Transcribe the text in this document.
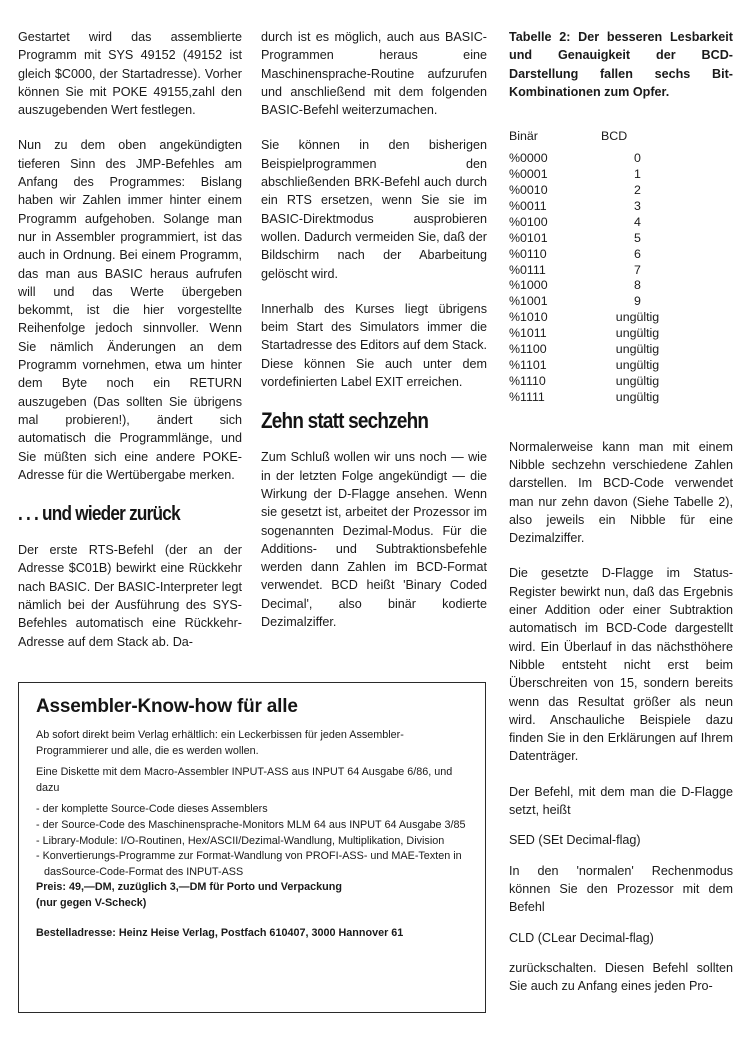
Gestartet wird das assemblierte Programm mit SYS 49152 (49152 ist gleich $C000, der Startadresse). Vorher können Sie mit POKE 49155,zahl den auszugebenden Wert festlegen.

Nun zu dem oben angekündigten tieferen Sinn des JMP-Befehles am Anfang des Programmes: Bislang haben wir Zahlen immer hinter einem Programm aufgehoben. Solange man nur in Assembler programmiert, ist das auch in Ordnung. Bei einem Programm, das man aus BASIC heraus aufrufen will und das Werte übergeben bekommt, ist die hier vorgestellte Reihenfolge jedoch sinnvoller. Wenn Sie nämlich Änderungen an dem Programm vornehmen, etwa um hinter dem Byte noch ein RETURN auszugeben (Das sollten Sie übrigens mal probieren!), ändert sich automatisch die Programmlänge, und Sie müßten sich eine andere POKE-Adresse für die Wertübergabe merken.

. . . und wieder zurück

Der erste RTS-Befehl (der an der Adresse $C01B) bewirkt eine Rückkehr nach BASIC. Der BASIC-Interpreter legt nämlich bei der Ausführung des SYS-Befehles automatisch eine Rückkehr-Adresse auf dem Stack ab. Da-

durch ist es möglich, auch aus BASIC-Programmen heraus eine Maschinensprache-Routine aufzurufen und anschließend mit dem folgenden BASIC-Befehl weiterzumachen.

Sie können in den bisherigen Beispielprogrammen den abschließenden BRK-Befehl auch durch ein RTS ersetzen, wenn Sie sie im BASIC-Direktmodus ausprobieren wollen. Dadurch vermeiden Sie, daß der Bildschirm nach der Abarbeitung gelöscht wird.

Innerhalb des Kurses liegt übrigens beim Start des Simulators immer die Startadresse des Editors auf dem Stack. Diese können Sie auch unter dem vordefinierten Label EXIT erreichen.

Zehn statt sechzehn

Zum Schluß wollen wir uns noch — wie in der letzten Folge angekündigt — die Wirkung der D-Flagge ansehen. Wenn sie gesetzt ist, arbeitet der Prozessor im sogenannten Dezimal-Modus. Für die Additions- und Subtraktionsbefehle werden dann Zahlen im BCD-Format verwendet. BCD heißt 'Binary Coded Decimal', also binär kodierte Dezimalziffer.

Tabelle 2: Der besseren Lesbarkeit und Genauigkeit der BCD-Darstellung fallen sechs Bit-Kombinationen zum Opfer.
Binär	BCD
%0000	0
%0001	1
%0010	2
%0011	3
%0100	4
%0101	5
%0110	6
%0111	7
%1000	8
%1001	9
%1010	ungültig
%1011	ungültig
%1100	ungültig
%1101	ungültig
%1110	ungültig
%1111	ungültig

Normalerweise kann man mit einem Nibble sechzehn verschiedene Zahlen darstellen. Im BCD-Code verwendet man nur zehn davon (Siehe Tabelle 2), also jeweils ein Nibble für eine Dezimalziffer.

Die gesetzte D-Flagge im Status-Register bewirkt nun, daß das Ergebnis einer Addition oder einer Subtraktion automatisch im BCD-Code dargestellt wird. Ein Überlauf in das nächsthöhere Nibble entsteht nicht erst beim Überschreiten von 15, sondern bereits wenn das Resultat größer als neun wird. Anschauliche Beispiele dazu finden Sie in den Erklärungen auf Ihrem Datenträger.

Der Befehl, mit dem man die D-Flagge setzt, heißt

SED (SEt Decimal-flag)

In den 'normalen' Rechenmodus können Sie den Prozessor mit dem Befehl

CLD (CLear Decimal-flag)

zurückschalten. Diesen Befehl sollten Sie auch zu Anfang eines jeden Pro-

Assembler-Know-how für alle

Ab sofort direkt beim Verlag erhältlich: ein Leckerbissen für jeden Assembler-Programmierer und alle, die es werden wollen.

Eine Diskette mit dem Macro-Assembler INPUT-ASS aus INPUT 64 Ausgabe 6/86, und dazu

- der komplette Source-Code dieses Assemblers
- der Source-Code des Maschinensprache-Monitors MLM 64 aus INPUT 64 Ausgabe 3/85
- Library-Module: I/O-Routinen, Hex/ASCII/Dezimal-Wandlung, Multiplikation, Division
- Konvertierungs-Programme zur Format-Wandlung von PROFI-ASS- und MAE-Texten in dasSource-Code-Format des INPUT-ASS

Preis: 49,—DM, zuzüglich 3,—DM für Porto und Verpackung

(nur gegen V-Scheck)

Bestelladresse: Heinz Heise Verlag, Postfach 610407, 3000 Hannover 61
